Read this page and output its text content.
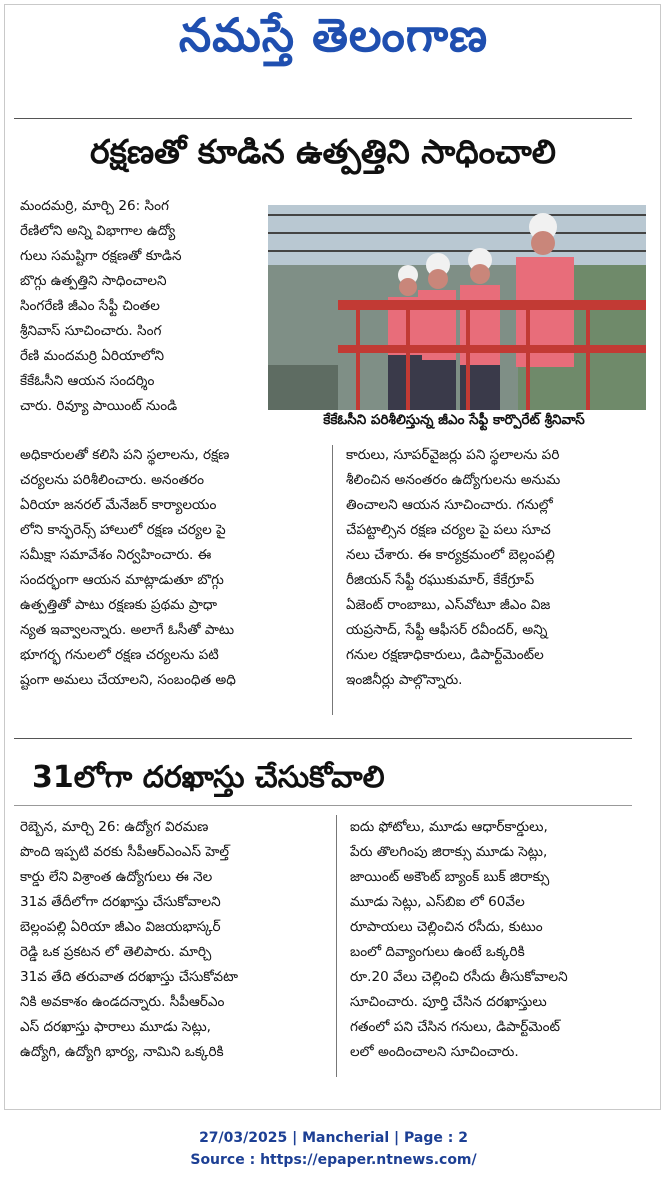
నమస్తే తెలంగాణ
రక్షణతో కూడిన ఉత్పత్తిని సాధించాలి
మందమర్రి, మార్చి 26: సింగ
రేణిలోని అన్ని విభాగాల ఉద్యో
గులు సమష్టిగా రక్షణతో కూడిన
బొగ్గు ఉత్పత్తిని సాధించాలని
సింగరేణి జీఎం సేఫ్టీ చింతల
శ్రీనివాస్ సూచించారు. సింగ
రేణి మందమర్రి ఏరియాలోని
కేకేఓసీని ఆయన సందర్శిం
చారు. రివ్యూ పాయింట్ నుండి
కేకేఓసీని పరిశీలిస్తున్న జీఎం సేఫ్టీ కార్పొరేట్ శ్రీనివాస్
అధికారులతో కలిసి పని స్థలాలను, రక్షణ
చర్యలను పరిశీలించారు. అనంతరం
ఏరియా జనరల్ మేనేజర్ కార్యాలయం
లోని కాన్ఫరెన్స్ హాలులో రక్షణ చర్యల పై
సమీక్షా సమావేశం నిర్వహించారు. ఈ
సందర్భంగా ఆయన మాట్లాడుతూ బొగ్గు
ఉత్పత్తితో పాటు రక్షణకు ప్రథమ ప్రాధా
న్యత ఇవ్వాలన్నారు. అలాగే ఓసీతో పాటు
భూగర్భ గనులలో రక్షణ చర్యలను పటి
ష్టంగా అమలు చేయాలని, సంబంధిత అధి
కారులు, సూపర్‌వైజర్లు పని స్థలాలను పరి
శీలించిన అనంతరం ఉద్యోగులను అనుమ
తించాలని ఆయన సూచించారు. గనుల్లో
చేపట్టాల్సిన రక్షణ చర్యల పై పలు సూచ
నలు చేశారు. ఈ కార్యక్రమంలో బెల్లంపల్లి
రీజియన్ సేఫ్టీ రఘుకుమార్, కేకేగ్రూప్
ఏజెంట్ రాంబాబు, ఎస్‌వోటూ జీఎం విజ
యప్రసాద్, సేఫ్టీ ఆఫీసర్ రవీందర్, అన్ని
గనుల రక్షణాధికారులు, డిపార్ట్‌మెంట్‌ల
ఇంజినీర్లు పాల్గొన్నారు.
31లోగా దరఖాస్తు చేసుకోవాలి
రెబ్బెన, మార్చి 26: ఉద్యోగ విరమణ
పొంది ఇప్పటి వరకు సీపీఆర్ఎంఎస్ హెల్త్
కార్డు లేని విశ్రాంత ఉద్యోగులు ఈ నెల
31వ తేదీలోగా దరఖాస్తు చేసుకోవాలని
బెల్లంపల్లి ఏరియా జీఎం విజయభాస్కర్
రెడ్డి ఒక ప్రకటన లో తెలిపారు. మార్చి
31వ తేది తరువాత దరఖాస్తు చేసుకోవటా
నికి అవకాశం ఉండదన్నారు. సీపీఆర్ఎం
ఎస్ దరఖాస్తు ఫారాలు మూడు సెట్లు,
ఉద్యోగి, ఉద్యోగి భార్య, నామిని ఒక్కరికి
ఐదు ఫోటోలు, మూడు ఆధార్‌కార్డులు,
పేరు తొలగింపు జిరాక్సు మూడు సెట్లు,
జాయింట్ అకౌంట్ బ్యాంక్ బుక్ జిరాక్సు
మూడు సెట్లు, ఎస్‌బిఐ లో 60వేల
రూపాయలు చెల్లించిన రసీదు, కుటుం
బంలో దివ్యాంగులు ఉంటే ఒక్కరికి
రూ.20 వేలు చెల్లించి రసీదు తీసుకోవాలని
సూచించారు. పూర్తి చేసిన దరఖాస్తులు
గతంలో పని చేసిన గనులు, డిపార్ట్‌మెంట్
లలో అందించాలని సూచించారు.
27/03/2025 | Mancherial | Page : 2
Source : https://epaper.ntnews.com/
